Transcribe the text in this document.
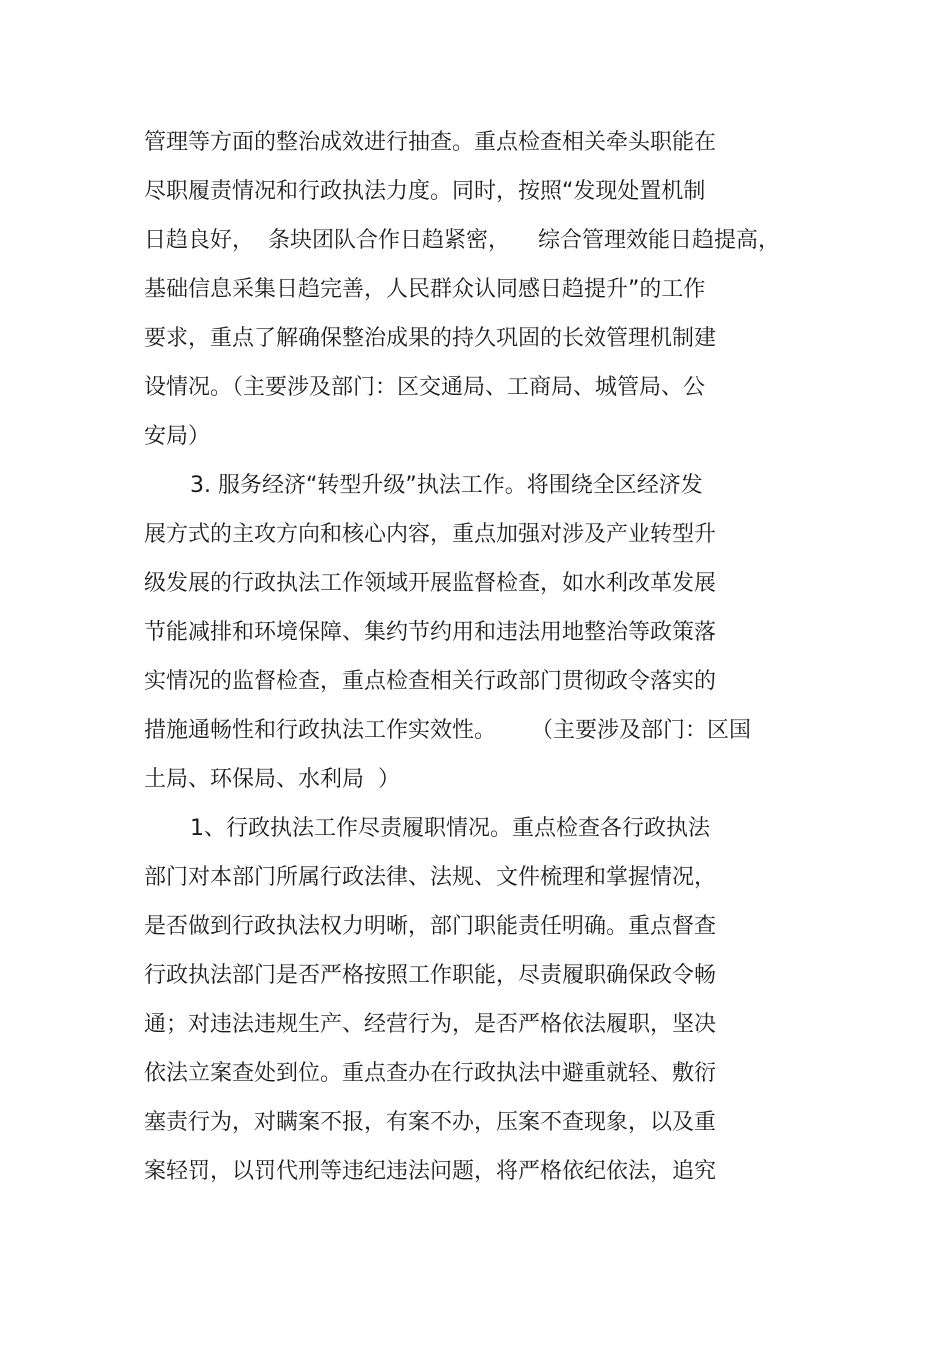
管理等方面的整治成效进行抽查。重点检查相关牵头职能在
尽职履责情况和行政执法力度。同时，按照“发现处置机制
日趋良好，  条块团队合作日趋紧密，    综合管理效能日趋提高，
基础信息采集日趋完善，人民群众认同感日趋提升”的工作
要求，重点了解确保整治成果的持久巩固的长效管理机制建
设情况。（主要涉及部门：区交通局、工商局、城管局、公
安局）
3. 服务经济“转型升级”执法工作。将围绕全区经济发
展方式的主攻方向和核心内容，重点加强对涉及产业转型升
级发展的行政执法工作领域开展监督检查，如水利改革发展
节能减排和环境保障、集约节约用和违法用地整治等政策落
实情况的监督检查，重点检查相关行政部门贯彻政令落实的
措施通畅性和行政执法工作实效性。     （主要涉及部门：区国
土局、环保局、水利局  ）
1、行政执法工作尽责履职情况。重点检查各行政执法
部门对本部门所属行政法律、法规、文件梳理和掌握情况，
是否做到行政执法权力明晰，部门职能责任明确。重点督查
行政执法部门是否严格按照工作职能，尽责履职确保政令畅
通；对违法违规生产、经营行为，是否严格依法履职，坚决
依法立案查处到位。重点查办在行政执法中避重就轻、敷衍
塞责行为，对瞒案不报，有案不办，压案不查现象，以及重
案轻罚，以罚代刑等违纪违法问题，将严格依纪依法，追究
